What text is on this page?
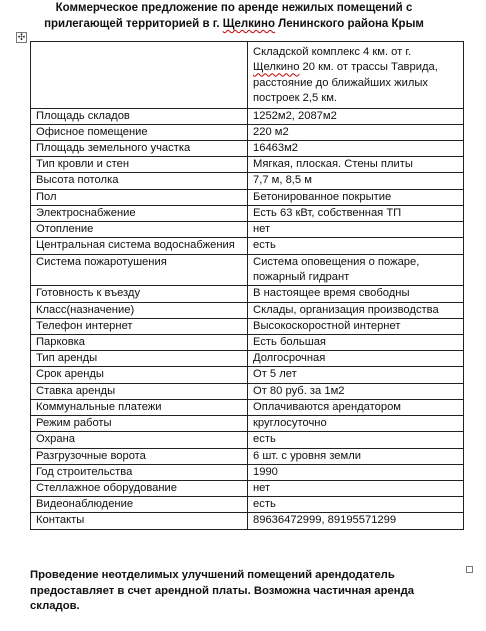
Коммерческое предложение по аренде нежилых помещений с
прилегающей территорией в г. Щелкино Ленинского района Крым
✣
	Складской комплекс 4 км. от г.
Щелкино 20 км. от трассы Таврида, расстояние до ближайших жилых построек 2,5 км.
Площадь складов	1252м2, 2087м2
Офисное помещение	220 м2
Площадь земельного участка	16463м2
Тип кровли и стен	Мягкая, плоская. Стены плиты
Высота потолка	7,7 м, 8,5 м
Пол	Бетонированное покрытие
Электроснабжение	Есть 63 кВт, собственная ТП
Отопление	нет
Центральная система водоснабжения	есть
Система пожаротушения	Система оповещения о пожаре, пожарный гидрант
Готовность к въезду	В настоящее время свободны
Класс(назначение)	Склады, организация производства
Телефон интернет	Высокоскоростной интернет
Парковка	Есть большая
Тип аренды	Долгосрочная
Срок аренды	От 5 лет
Ставка аренды	От 80 руб. за 1м2
Коммунальные платежи	Оплачиваются арендатором
Режим работы	круглосуточно
Охрана	есть
Разгрузочные ворота	6 шт. с уровня земли
Год строительства	1990
Стеллажное оборудование	нет
Видеонаблюдение	есть
Контакты	89636472999, 89195571299
Проведение неотделимых улучшений помещений арендодатель предоставляет в счет арендной платы. Возможна частичная аренда складов.
